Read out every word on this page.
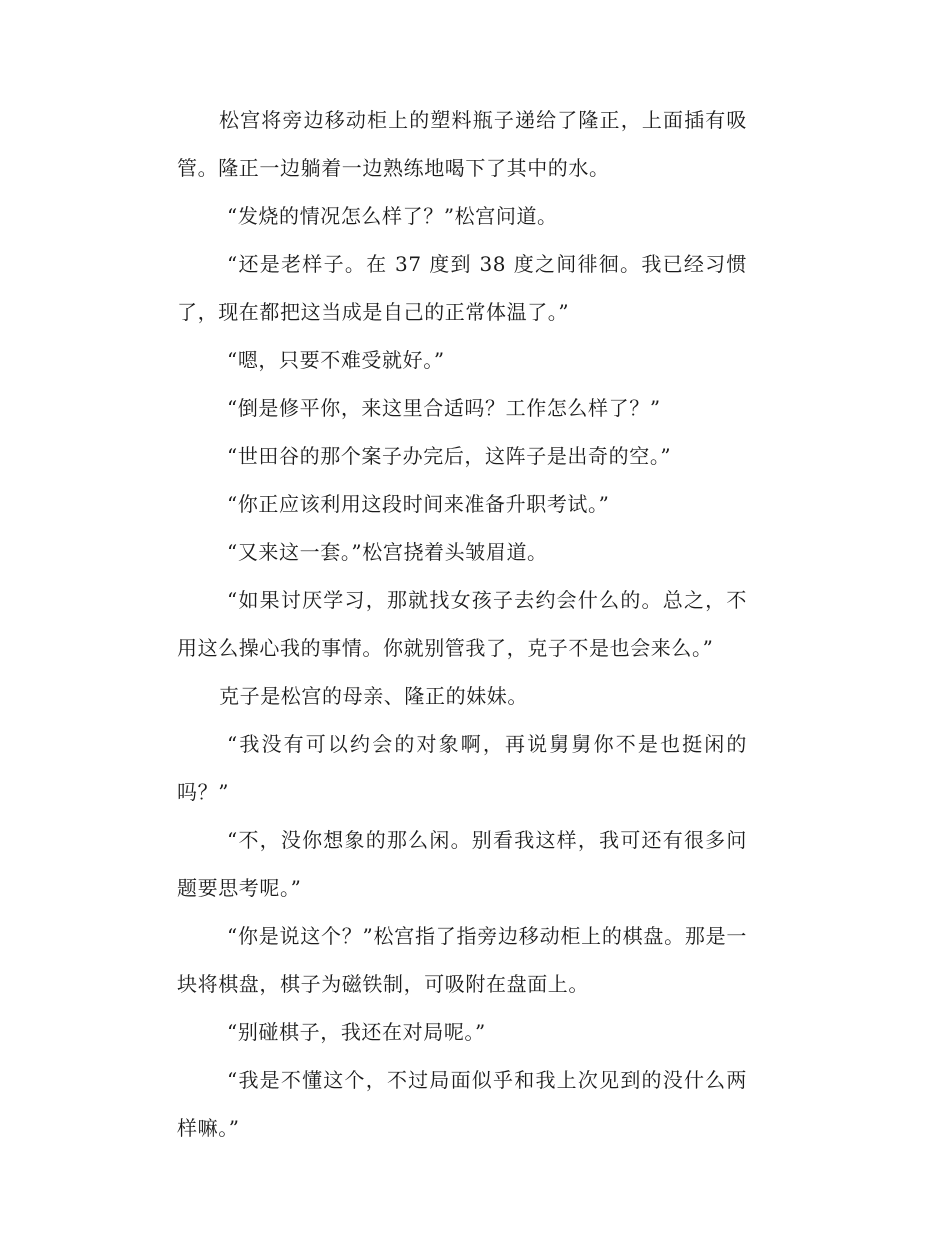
松宫将旁边移动柜上的塑料瓶子递给了隆正，上面插有吸管。隆正一边躺着一边熟练地喝下了其中的水。

“发烧的情况怎么样了？”松宫问道。

“还是老样子。在 37 度到 38 度之间徘徊。我已经习惯了，现在都把这当成是自己的正常体温了。”

“嗯，只要不难受就好。”

“倒是修平你，来这里合适吗？工作怎么样了？”

“世田谷的那个案子办完后，这阵子是出奇的空。”

“你正应该利用这段时间来准备升职考试。”

“又来这一套。”松宫挠着头皱眉道。

“如果讨厌学习，那就找女孩子去约会什么的。总之，不用这么操心我的事情。你就别管我了，克子不是也会来么。”

克子是松宫的母亲、隆正的妹妹。

“我没有可以约会的对象啊，再说舅舅你不是也挺闲的吗？”

“不，没你想象的那么闲。别看我这样，我可还有很多问题要思考呢。”

“你是说这个？”松宫指了指旁边移动柜上的棋盘。那是一块将棋盘，棋子为磁铁制，可吸附在盘面上。

“别碰棋子，我还在对局呢。”

“我是不懂这个，不过局面似乎和我上次见到的没什么两样嘛。”
